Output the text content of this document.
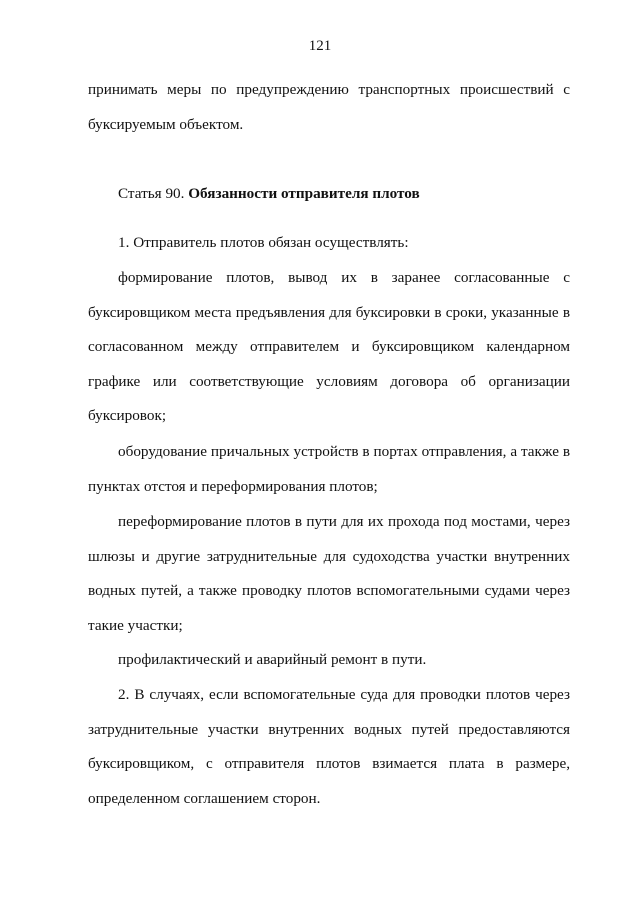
121

принимать меры по предупреждению транспортных происшествий с буксируемым объектом.

Статья 90. Обязанности отправителя плотов

1. Отправитель плотов обязан осуществлять:

формирование плотов, вывод их в заранее согласованные с буксировщиком места предъявления для буксировки в сроки, указанные в согласованном между отправителем и буксировщиком календарном графике или соответствующие условиям договора об организации буксировок;

оборудование причальных устройств в портах отправления, а также в пунктах отстоя и переформирования плотов;

переформирование плотов в пути для их прохода под мостами, через шлюзы и другие затруднительные для судоходства участки внутренних водных путей, а также проводку плотов вспомогательными судами через такие участки;

профилактический и аварийный ремонт в пути.

2. В случаях, если вспомогательные суда для проводки плотов через затруднительные участки внутренних водных путей предоставляются буксировщиком, с отправителя плотов взимается плата в размере, определенном соглашением сторон.
